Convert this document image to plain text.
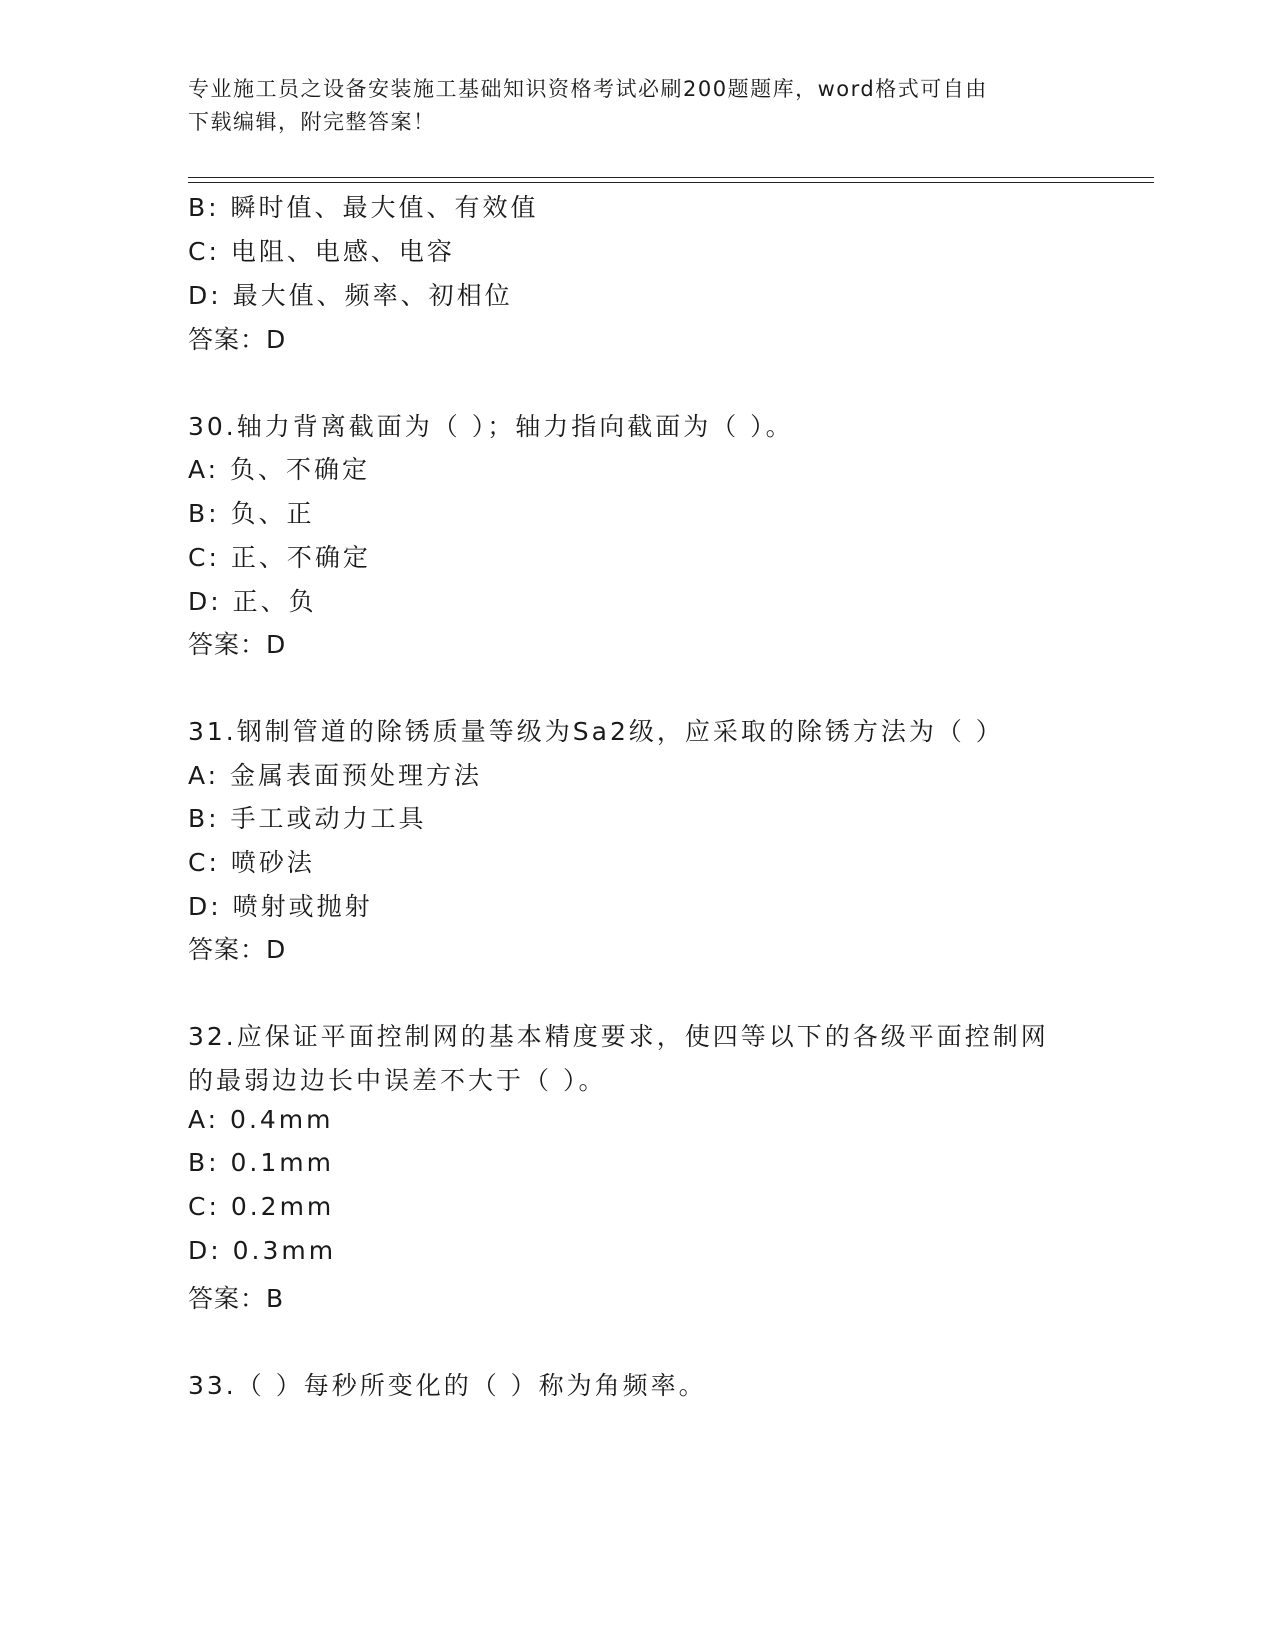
专业施工员之设备安装施工基础知识资格考试必刷200题题库，word格式可自由
下载编辑，附完整答案！
B: 瞬时值、最大值、有效值
C: 电阻、电感、电容
D: 最大值、频率、初相位
答案：D
30.轴力背离截面为（ ）；轴力指向截面为（ ）。
A: 负、不确定
B: 负、正
C: 正、不确定
D: 正、负
答案：D
31.钢制管道的除锈质量等级为Sa2级，应采取的除锈方法为（ ）
A: 金属表面预处理方法
B: 手工或动力工具
C: 喷砂法
D: 喷射或抛射
答案：D
32.应保证平面控制网的基本精度要求，使四等以下的各级平面控制网
的最弱边边长中误差不大于（ ）。
A: 0.4mm
B: 0.1mm
C: 0.2mm
D: 0.3mm
答案：B
33.（ ）每秒所变化的（ ）称为角频率。
